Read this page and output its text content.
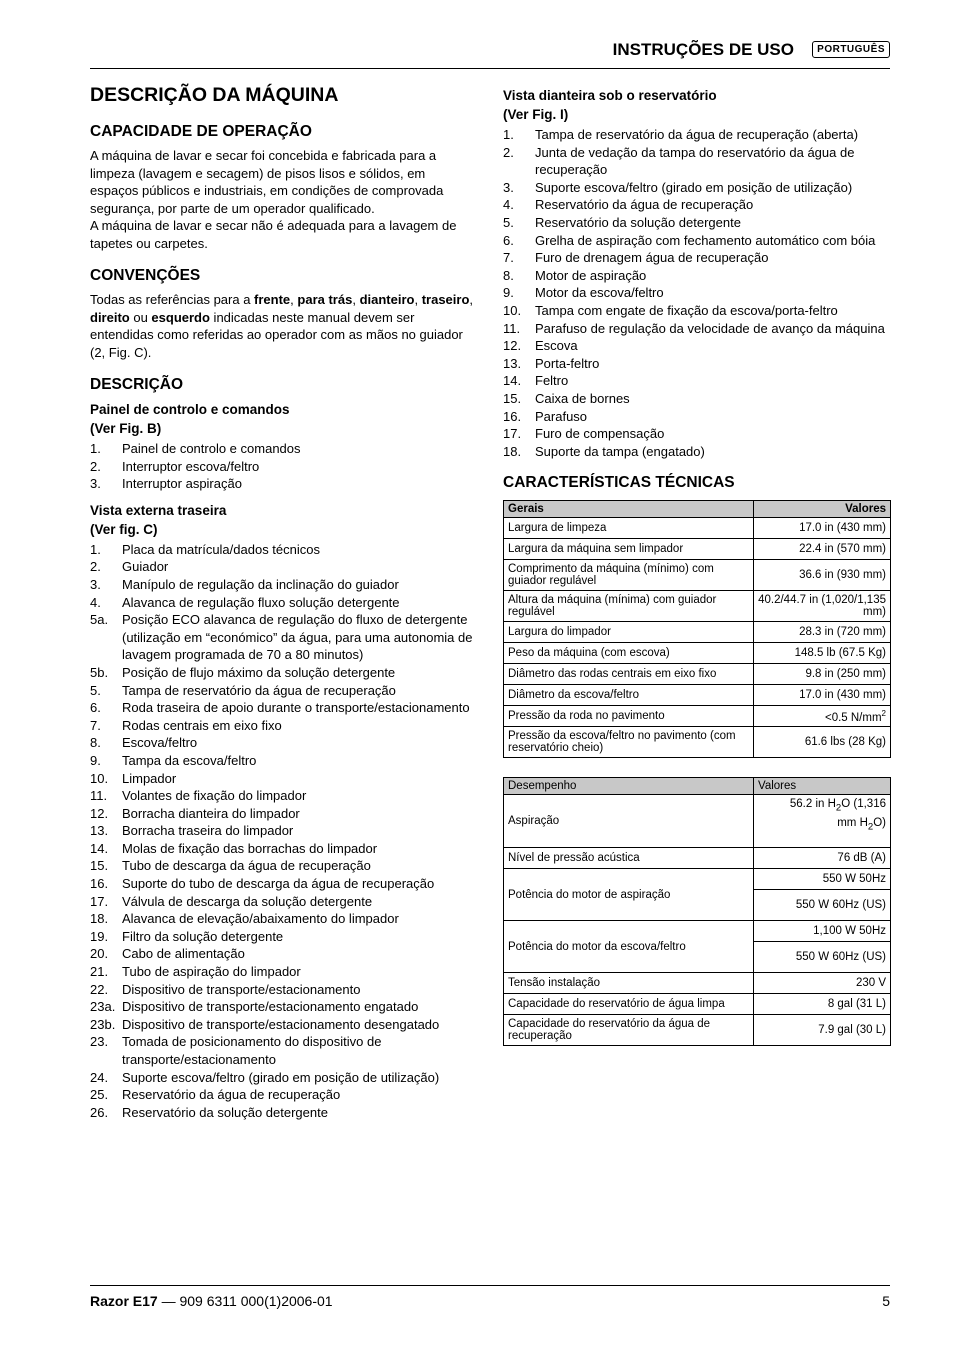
INSTRUÇÕES DE USO	PORTUGUÊS
DESCRIÇÃO DA MÁQUINA
CAPACIDADE DE OPERAÇÃO

A máquina de lavar e secar foi concebida e fabricada para a limpeza (lavagem e secagem) de pisos lisos e sólidos, em espaços públicos e industriais, em condições de comprovada segurança, por parte de um operador qualificado.

A máquina de lavar e secar não é adequada para a lavagem de tapetes ou carpetes.

CONVENÇÕES

Todas as referências para a frente, para trás, dianteiro, traseiro, direito ou esquerdo indicadas neste manual devem ser entendidas como referidas ao operador com as mãos no guiador (2, Fig. C).

DESCRIÇÃO
Painel de controlo e comandos
(Ver Fig. B)
1.	Painel de controlo e comandos
2.	Interruptor escova/feltro
3.	Interruptor aspiração
Vista externa traseira
(Ver fig. C)
1.	Placa da matrícula/dados técnicos
2.	Guiador
3.	Manípulo de regulação da inclinação do guiador
4.	Alavanca de regulação fluxo solução detergente
5a.	Posição ECO alavanca de regulação do fluxo de detergente (utilização em “económico” da água, para uma autonomia de lavagem programada de 70 a 80 minutos)
5b.	Posição de flujo máximo da solução detergente
5.	Tampa de reservatório da água de recuperação
6.	Roda traseira de apoio durante o transporte/estacionamento
7.	Rodas centrais em eixo fixo
8.	Escova/feltro
9.	Tampa da escova/feltro
10.	Limpador
11.	Volantes de fixação do limpador
12.	Borracha dianteira do limpador
13.	Borracha traseira do limpador
14.	Molas de fixação das borrachas do limpador
15.	Tubo de descarga da água de recuperação
16.	Suporte do tubo de descarga da água de recuperação
17.	Válvula de descarga da solução detergente
18.	Alavanca de elevação/abaixamento do limpador
19.	Filtro da solução detergente
20.	Cabo de alimentação
21.	Tubo de aspiração do limpador
22.	Dispositivo de transporte/estacionamento
23a. Dispositivo de transporte/estacionamento engatado
23b. Dispositivo de transporte/estacionamento desengatado
23.	Tomada de posicionamento do dispositivo de transporte/estacionamento
24.	Suporte escova/feltro (girado em posição de utilização)
25.	Reservatório da água de recuperação
26.	Reservatório da solução detergente
Vista dianteira sob o reservatório
(Ver Fig. I)
1.	Tampa de reservatório da água de recuperação (aberta)
2.	Junta de vedação da tampa do reservatório da água de recuperação
3.	Suporte escova/feltro (girado em posição de utilização)
4.	Reservatório da água de recuperação
5.	Reservatório da solução detergente
6.	Grelha de aspiração com fechamento automático com bóia
7.	Furo de drenagem água de recuperação
8.	Motor de aspiração
9.	Motor da escova/feltro
10.	Tampa com engate de fixação da escova/porta-feltro
11.	Parafuso de regulação da velocidade de avanço da máquina
12.	Escova
13.	Porta-feltro
14.	Feltro
15.	Caixa de bornes
16.	Parafuso
17.	Furo de compensação
18.	Suporte da tampa (engatado)
CARACTERÍSTICAS TÉCNICAS
Gerais	Valores
Largura de limpeza	17.0 in (430 mm)
Largura da máquina sem limpador	22.4 in (570 mm)
Comprimento da máquina (mínimo) com guiador regulável	36.6 in (930 mm)
Altura da máquina (mínima) com guiador regulável	40.2/44.7 in (1,020/1,135 mm)
Largura do limpador	28.3 in (720 mm)
Peso da máquina (com escova)	148.5 lb (67.5 Kg)
Diâmetro das rodas centrais em eixo fixo	9.8 in (250 mm)
Diâmetro da escova/feltro	17.0 in (430 mm)
Pressão da roda no pavimento	<0.5 $N/mm^2$
Pressão da escova/feltro no pavimento (com reservatório cheio)	61.6 lbs (28 Kg)
Desempenho	Valores
Aspiração	56.2 in $H_2O$ (1,316
mm $H_2O$)
Nível de pressão acústica	76 dB (A)
Potência do motor de aspiração	550 W 50Hz
	550 W 60Hz (US)
Potência do motor da escova/feltro	1,100 W 50Hz
	550 W 60Hz (US)
Tensão instalação	230 V
Capacidade do reservatório de água limpa	8 gal (31 L)
Capacidade do reservatório da água de recuperação	7.9 gal (30 L)
Razor E17 — 909 6311 000(1)2006-01	5
